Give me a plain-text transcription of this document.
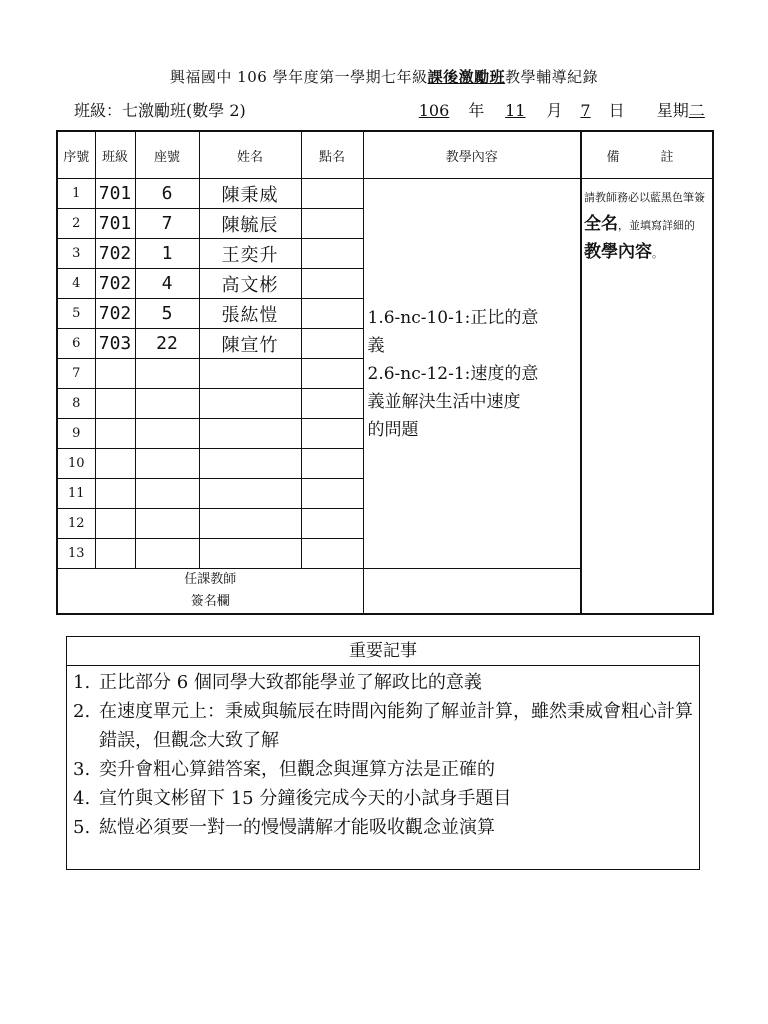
興福國中 106 學年度第一學期七年級課後激勵班教學輔導紀錄
班級：七激勵班(數學 2)	106 年 11 月 7 日 星期二
序號	班級	座號	姓名	點名	教學內容	備　註
1	701	6	陳秉威		1.6-nc-10-1:正比的意
義
2.6-nc-12-1:速度的意
義並解決生活中速度
的問題	請教師務必以藍黑色筆簽全名，並填寫詳細的教學內容。
2	701	7	陳毓辰			
3	702	1	王奕升			
4	702	4	高文彬			
5	702	5	張紘愷			
6	703	22	陳宣竹			
7						
8						
9						
10						
11						
12						
13						

任課教師
簽名欄						

重要記事
1. 正比部分 6 個同學大致都能學並了解政比的意義
2. 在速度單元上：秉威與毓辰在時間內能夠了解並計算，雖然秉威會粗心計算錯誤，但觀念大致了解
3. 奕升會粗心算錯答案，但觀念與運算方法是正確的
4. 宣竹與文彬留下 15 分鐘後完成今天的小試身手題目
5. 紘愷必須要一對一的慢慢講解才能吸收觀念並演算
